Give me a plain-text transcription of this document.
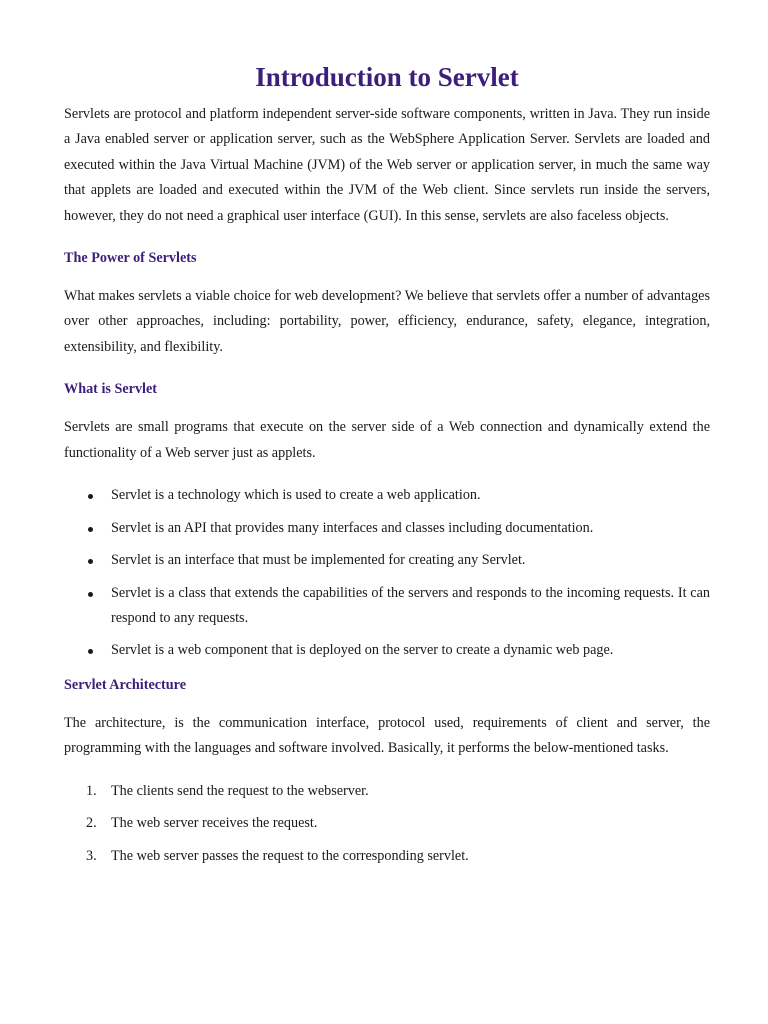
Introduction to Servlet

Servlets are protocol and platform independent server-side software components, written in Java. They run inside a Java enabled server or application server, such as the WebSphere Application Server. Servlets are loaded and executed within the Java Virtual Machine (JVM) of the Web server or application server, in much the same way that applets are loaded and executed within the JVM of the Web client. Since servlets run inside the servers, however, they do not need a graphical user interface (GUI). In this sense, servlets are also faceless objects.

The Power of Servlets

What makes servlets a viable choice for web development? We believe that servlets offer a number of advantages over other approaches, including: portability, power, efficiency, endurance, safety, elegance, integration, extensibility, and flexibility.

What is Servlet

Servlets are small programs that execute on the server side of a Web connection and dynamically extend the functionality of a Web server just as applets.

Servlet is a technology which is used to create a web application.
Servlet is an API that provides many interfaces and classes including documentation.
Servlet is an interface that must be implemented for creating any Servlet.
Servlet is a class that extends the capabilities of the servers and responds to the incoming requests. It can respond to any requests.
Servlet is a web component that is deployed on the server to create a dynamic web page.
Servlet Architecture

The architecture, is the communication interface, protocol used, requirements of client and server, the programming with the languages and software involved. Basically, it performs the below-mentioned tasks.

1. The clients send the request to the webserver.
2. The web server receives the request.
3. The web server passes the request to the corresponding servlet.
